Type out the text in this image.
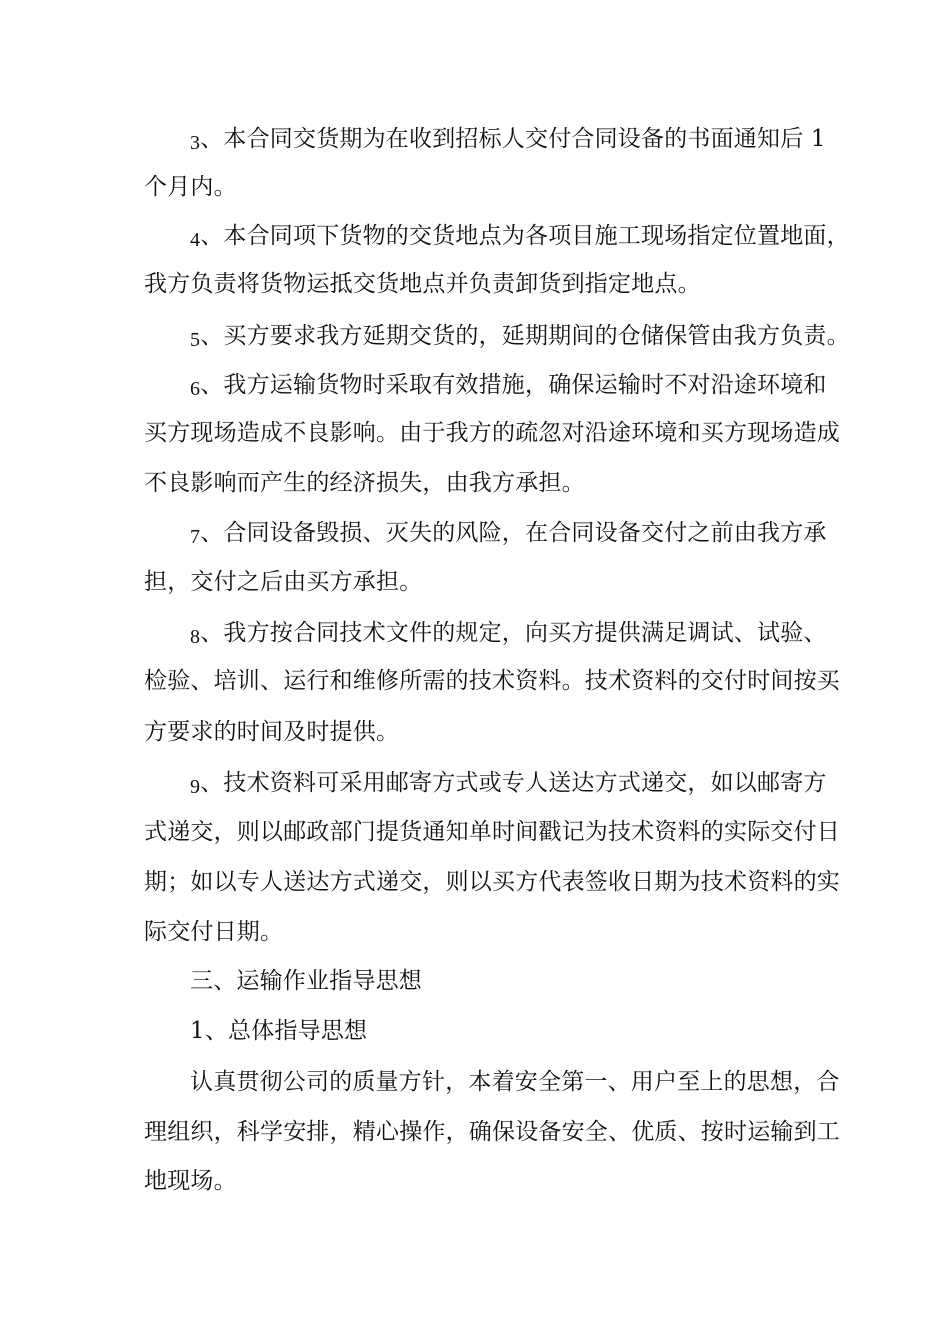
3、本合同交货期为在收到招标人交付合同设备的书面通知后 1
个月内。
4、本合同项下货物的交货地点为各项目施工现场指定位置地面，
我方负责将货物运抵交货地点并负责卸货到指定地点。
5、买方要求我方延期交货的，延期期间的仓储保管由我方负责。
6、我方运输货物时采取有效措施，确保运输时不对沿途环境和
买方现场造成不良影响。由于我方的疏忽对沿途环境和买方现场造成
不良影响而产生的经济损失，由我方承担。
7、合同设备毁损、灭失的风险，在合同设备交付之前由我方承
担，交付之后由买方承担。
8、我方按合同技术文件的规定，向买方提供满足调试、试验、
检验、培训、运行和维修所需的技术资料。技术资料的交付时间按买
方要求的时间及时提供。
9、技术资料可采用邮寄方式或专人送达方式递交，如以邮寄方
式递交，则以邮政部门提货通知单时间戳记为技术资料的实际交付日
期；如以专人送达方式递交，则以买方代表签收日期为技术资料的实
际交付日期。
三、运输作业指导思想
1、总体指导思想
认真贯彻公司的质量方针，本着安全第一、用户至上的思想，合
理组织，科学安排，精心操作，确保设备安全、优质、按时运输到工
地现场。
